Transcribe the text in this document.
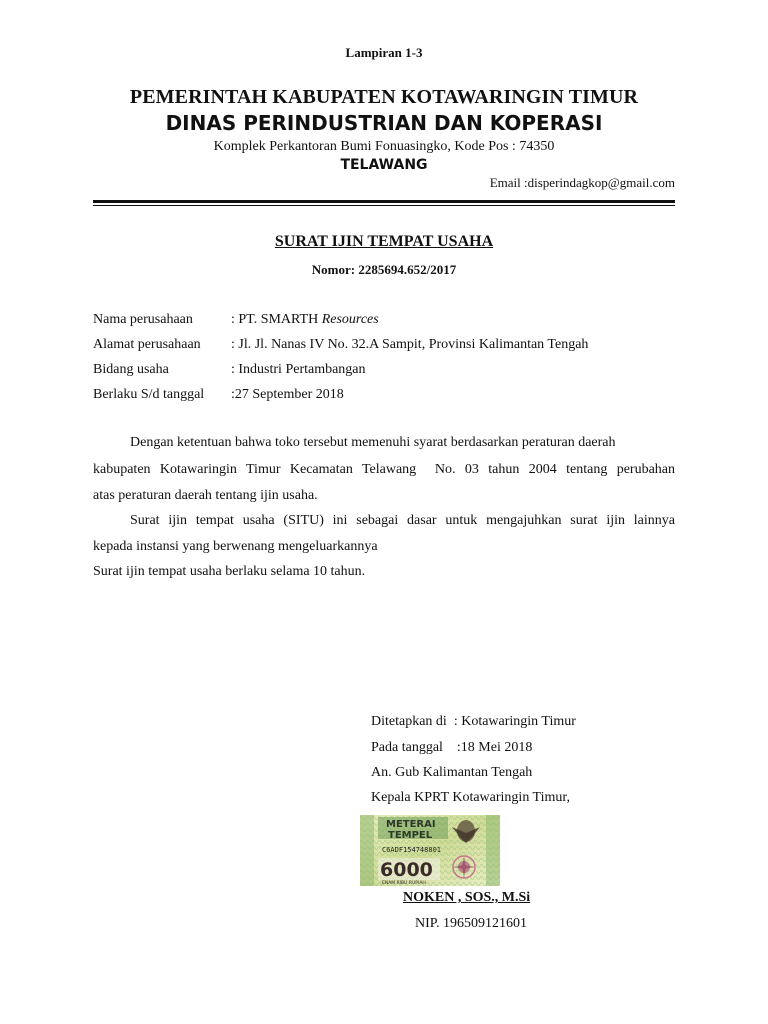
Lampiran 1-3
PEMERINTAH KABUPATEN KOTAWARINGIN TIMUR
DINAS PERINDUSTRIAN DAN KOPERASI
Komplek Perkantoran Bumi Fonuasingko, Kode Pos : 74350
TELAWANG
Email :disperindagkop@gmail.com
SURAT IJIN TEMPAT USAHA
Nomor: 2285694.652/2017
Nama perusahaan	: PT. SMARTH Resources
Alamat perusahaan : Jl. Jl. Nanas IV No. 32.A Sampit, Provinsi Kalimantan Tengah
Bidang usaha	: Industri Pertambangan
Berlaku S/d tanggal :27 September 2018
Dengan ketentuan bahwa toko tersebut memenuhi syarat berdasarkan peraturan daerah
kabupaten Kotawaringin Timur Kecamatan Telawang  No. 03 tahun 2004 tentang perubahan
atas peraturan daerah tentang ijin usaha.
Surat ijin tempat usaha (SITU) ini sebagai dasar untuk mengajuhkan surat ijin lainnya
kepada instansi yang berwenang mengeluarkannya
Surat ijin tempat usaha berlaku selama 10 tahun.
Ditetapkan di  : Kotawaringin Timur
Pada tanggal    :18 Mei 2018
An. Gub Kalimantan Tengah
Kepala KPRT Kotawaringin Timur,
METERAI
TEMPEL
C6ADF154748801
6000
ENAM RIBU RUPIAH
NOKEN , SOS., M.Si
NIP. 196509121601
